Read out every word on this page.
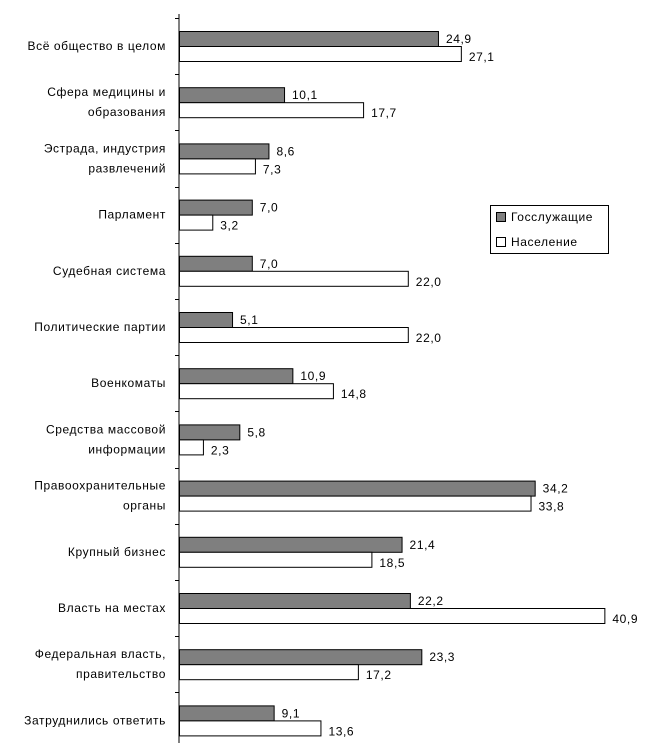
Всё общество в целом	24,9
27,1
Сфера медицины и
образования
10,1
17,7
Эстрада, индустрия
развлечений
8,6
7,3
Парламент	7,0
3,2
Судебная система	7,0
22,0
Политические партии	5,1
22,0
Военкоматы	10,9
14,8
Средства массовой
информации
5,8
2,3
Правоохранительные
органы
34,2
33,8
Крупный бизнес	21,4
18,5
Власть на местах	22,2
40,9
Федеральная власть,
правительство
23,3
17,2
Затруднились ответить	9,1
13,6
Госслужащие
Население
